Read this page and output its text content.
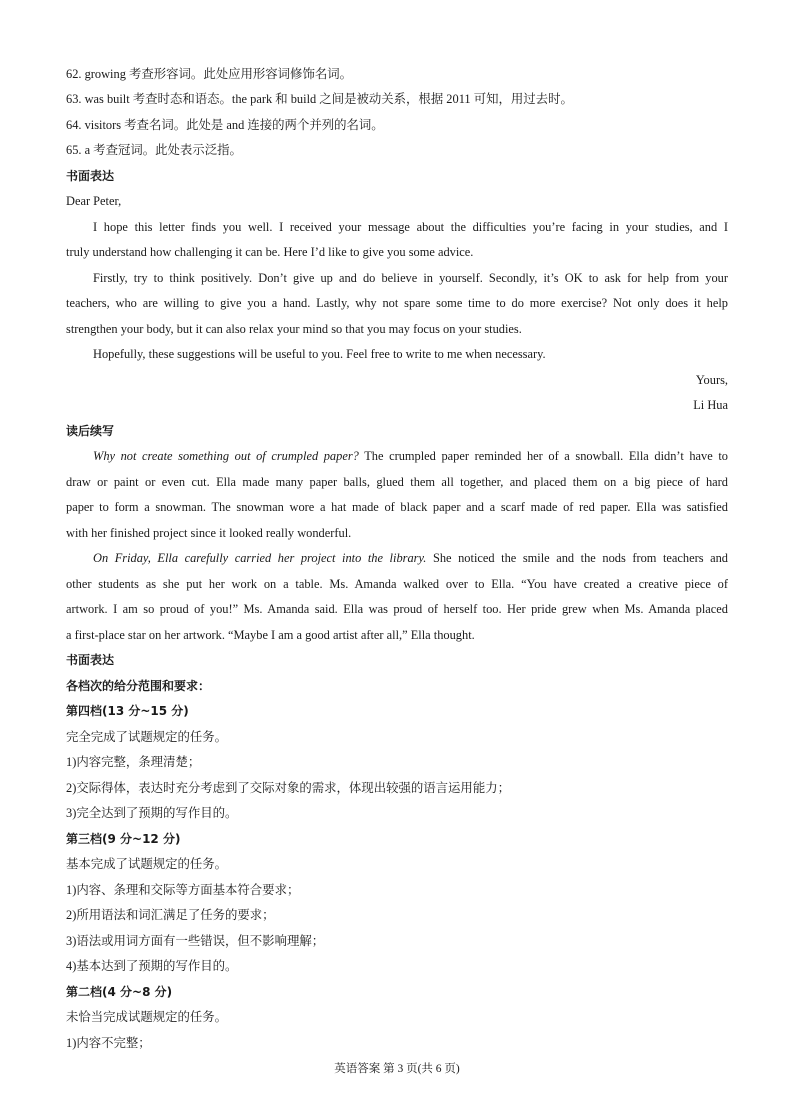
62. growing 考查形容词。此处应用形容词修饰名词。
63. was built 考查时态和语态。the park 和 build 之间是被动关系，根据 2011 可知，用过去时。
64. visitors 考查名词。此处是 and 连接的两个并列的名词。
65. a 考查冠词。此处表示泛指。
书面表达
Dear Peter,
I hope this letter finds you well. I received your message about the difficulties you’re facing in your studies, and I
truly understand how challenging it can be. Here I’d like to give you some advice.
Firstly, try to think positively. Don’t give up and do believe in yourself. Secondly, it’s OK to ask for help from your
teachers, who are willing to give you a hand. Lastly, why not spare some time to do more exercise? Not only does it help
strengthen your body, but it can also relax your mind so that you may focus on your studies.
Hopefully, these suggestions will be useful to you. Feel free to write to me when necessary.
Yours,
Li Hua
读后续写
Why not create something out of crumpled paper? The crumpled paper reminded her of a snowball. Ella didn’t have to
draw or paint or even cut. Ella made many paper balls, glued them all together, and placed them on a big piece of hard
paper to form a snowman. The snowman wore a hat made of black paper and a scarf made of red paper. Ella was satisfied
with her finished project since it looked really wonderful.
On Friday, Ella carefully carried her project into the library. She noticed the smile and the nods from teachers and
other students as she put her work on a table. Ms. Amanda walked over to Ella. “You have created a creative piece of
artwork. I am so proud of you!” Ms. Amanda said. Ella was proud of herself too. Her pride grew when Ms. Amanda placed
a first-place star on her artwork. “Maybe I am a good artist after all,” Ella thought.
书面表达
各档次的给分范围和要求：
第四档(13 分~15 分)
完全完成了试题规定的任务。
1)内容完整，条理清楚；
2)交际得体，表达时充分考虑到了交际对象的需求，体现出较强的语言运用能力；
3)完全达到了预期的写作目的。
第三档(9 分~12 分)
基本完成了试题规定的任务。
1)内容、条理和交际等方面基本符合要求；
2)所用语法和词汇满足了任务的要求；
3)语法或用词方面有一些错误，但不影响理解；
4)基本达到了预期的写作目的。
第二档(4 分~8 分)
未恰当完成试题规定的任务。
1)内容不完整；
英语答案 第 3 页(共 6 页)
